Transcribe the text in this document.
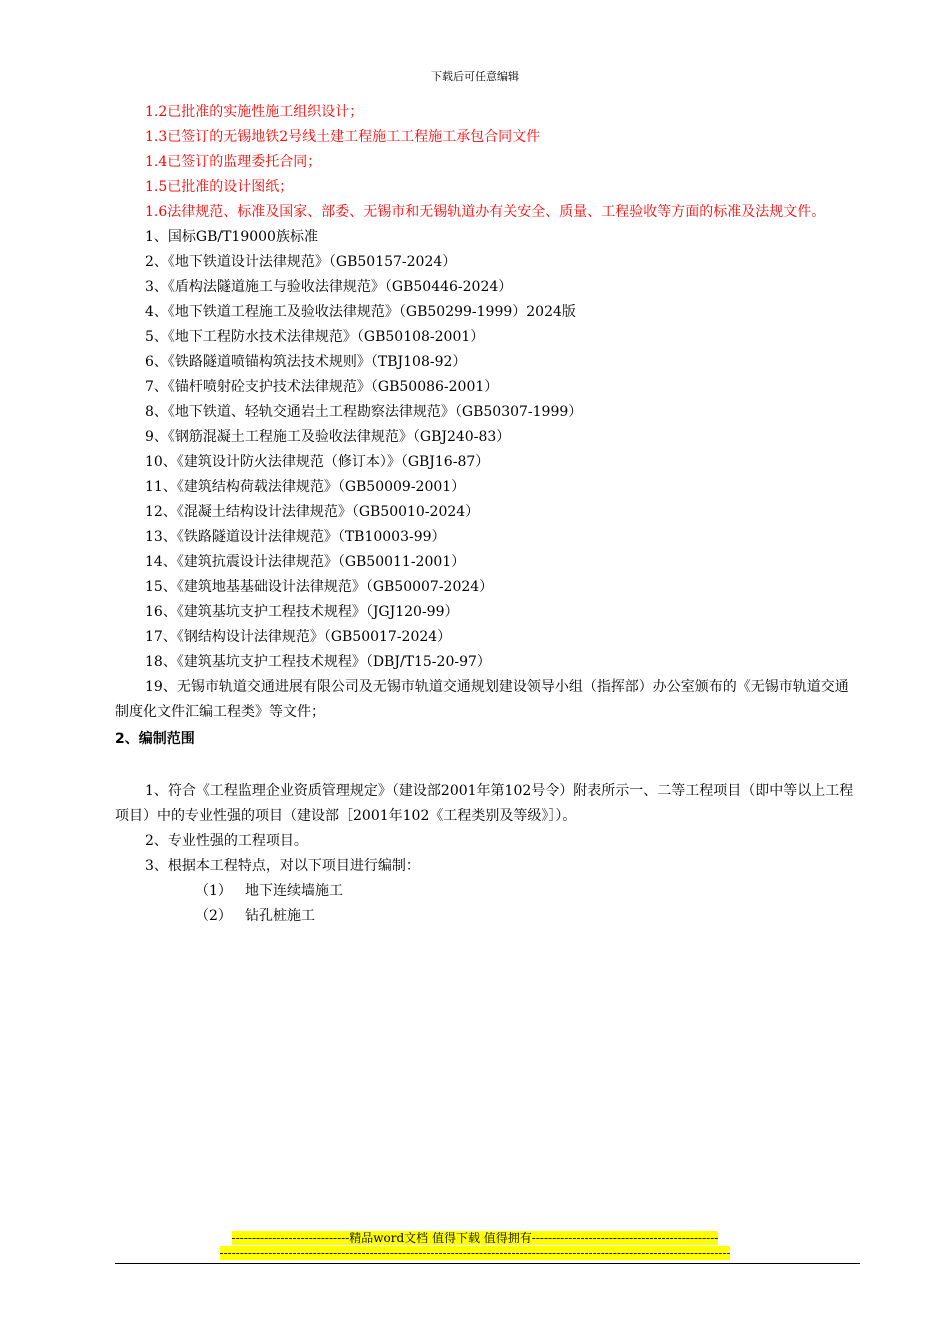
下载后可任意编辑

1.2已批准的实施性施工组织设计；

1.3已签订的无锡地铁2号线土建工程施工工程施工承包合同文件

1.4已签订的监理委托合同；

1.5已批准的设计图纸；

1.6法律规范、标准及国家、部委、无锡市和无锡轨道办有关安全、质量、工程验收等方面的标准及法规文件。

1、国标GB/T19000族标准

2、《地下铁道设计法律规范》（GB50157-2024）

3、《盾构法隧道施工与验收法律规范》（GB50446-2024）

4、《地下铁道工程施工及验收法律规范》（GB50299-1999）2024版

5、《地下工程防水技术法律规范》（GB50108-2001）

6、《铁路隧道喷锚构筑法技术规则》（TBJ108-92）

7、《锚杆喷射砼支护技术法律规范》（GB50086-2001）

8、《地下铁道、轻轨交通岩土工程勘察法律规范》（GB50307-1999）

9、《钢筋混凝土工程施工及验收法律规范》（GBJ240-83）

10、《建筑设计防火法律规范（修订本）》（GBJ16-87）

11、《建筑结构荷载法律规范》（GB50009-2001）

12、《混凝土结构设计法律规范》（GB50010-2024）

13、《铁路隧道设计法律规范》（TB10003-99）

14、《建筑抗震设计法律规范》（GB50011-2001）

15、《建筑地基基础设计法律规范》（GB50007-2024）

16、《建筑基坑支护工程技术规程》（JGJ120-99）

17、《钢结构设计法律规范》（GB50017-2024）

18、《建筑基坑支护工程技术规程》（DBJ/T15-20-97）

19、无锡市轨道交通进展有限公司及无锡市轨道交通规划建设领导小组（指挥部）办公室颁布的《无锡市轨道交通制度化文件汇编工程类》等文件；

2、编制范围

1、符合《工程监理企业资质管理规定》（建设部2001年第102号令）附表所示一、二等工程项目（即中等以上工程项目）中的专业性强的项目（建设部［2001年102《工程类别及等级》］）。

2、专业性强的工程项目。

3、根据本工程特点，对以下项目进行编制：

（1） 地下连续墙施工

（2） 钻孔桩施工

-----------------------------精品word文档 值得下载 值得拥有----------------------------------------------
------------------------------------------------------------------------------------------------------------------------------
